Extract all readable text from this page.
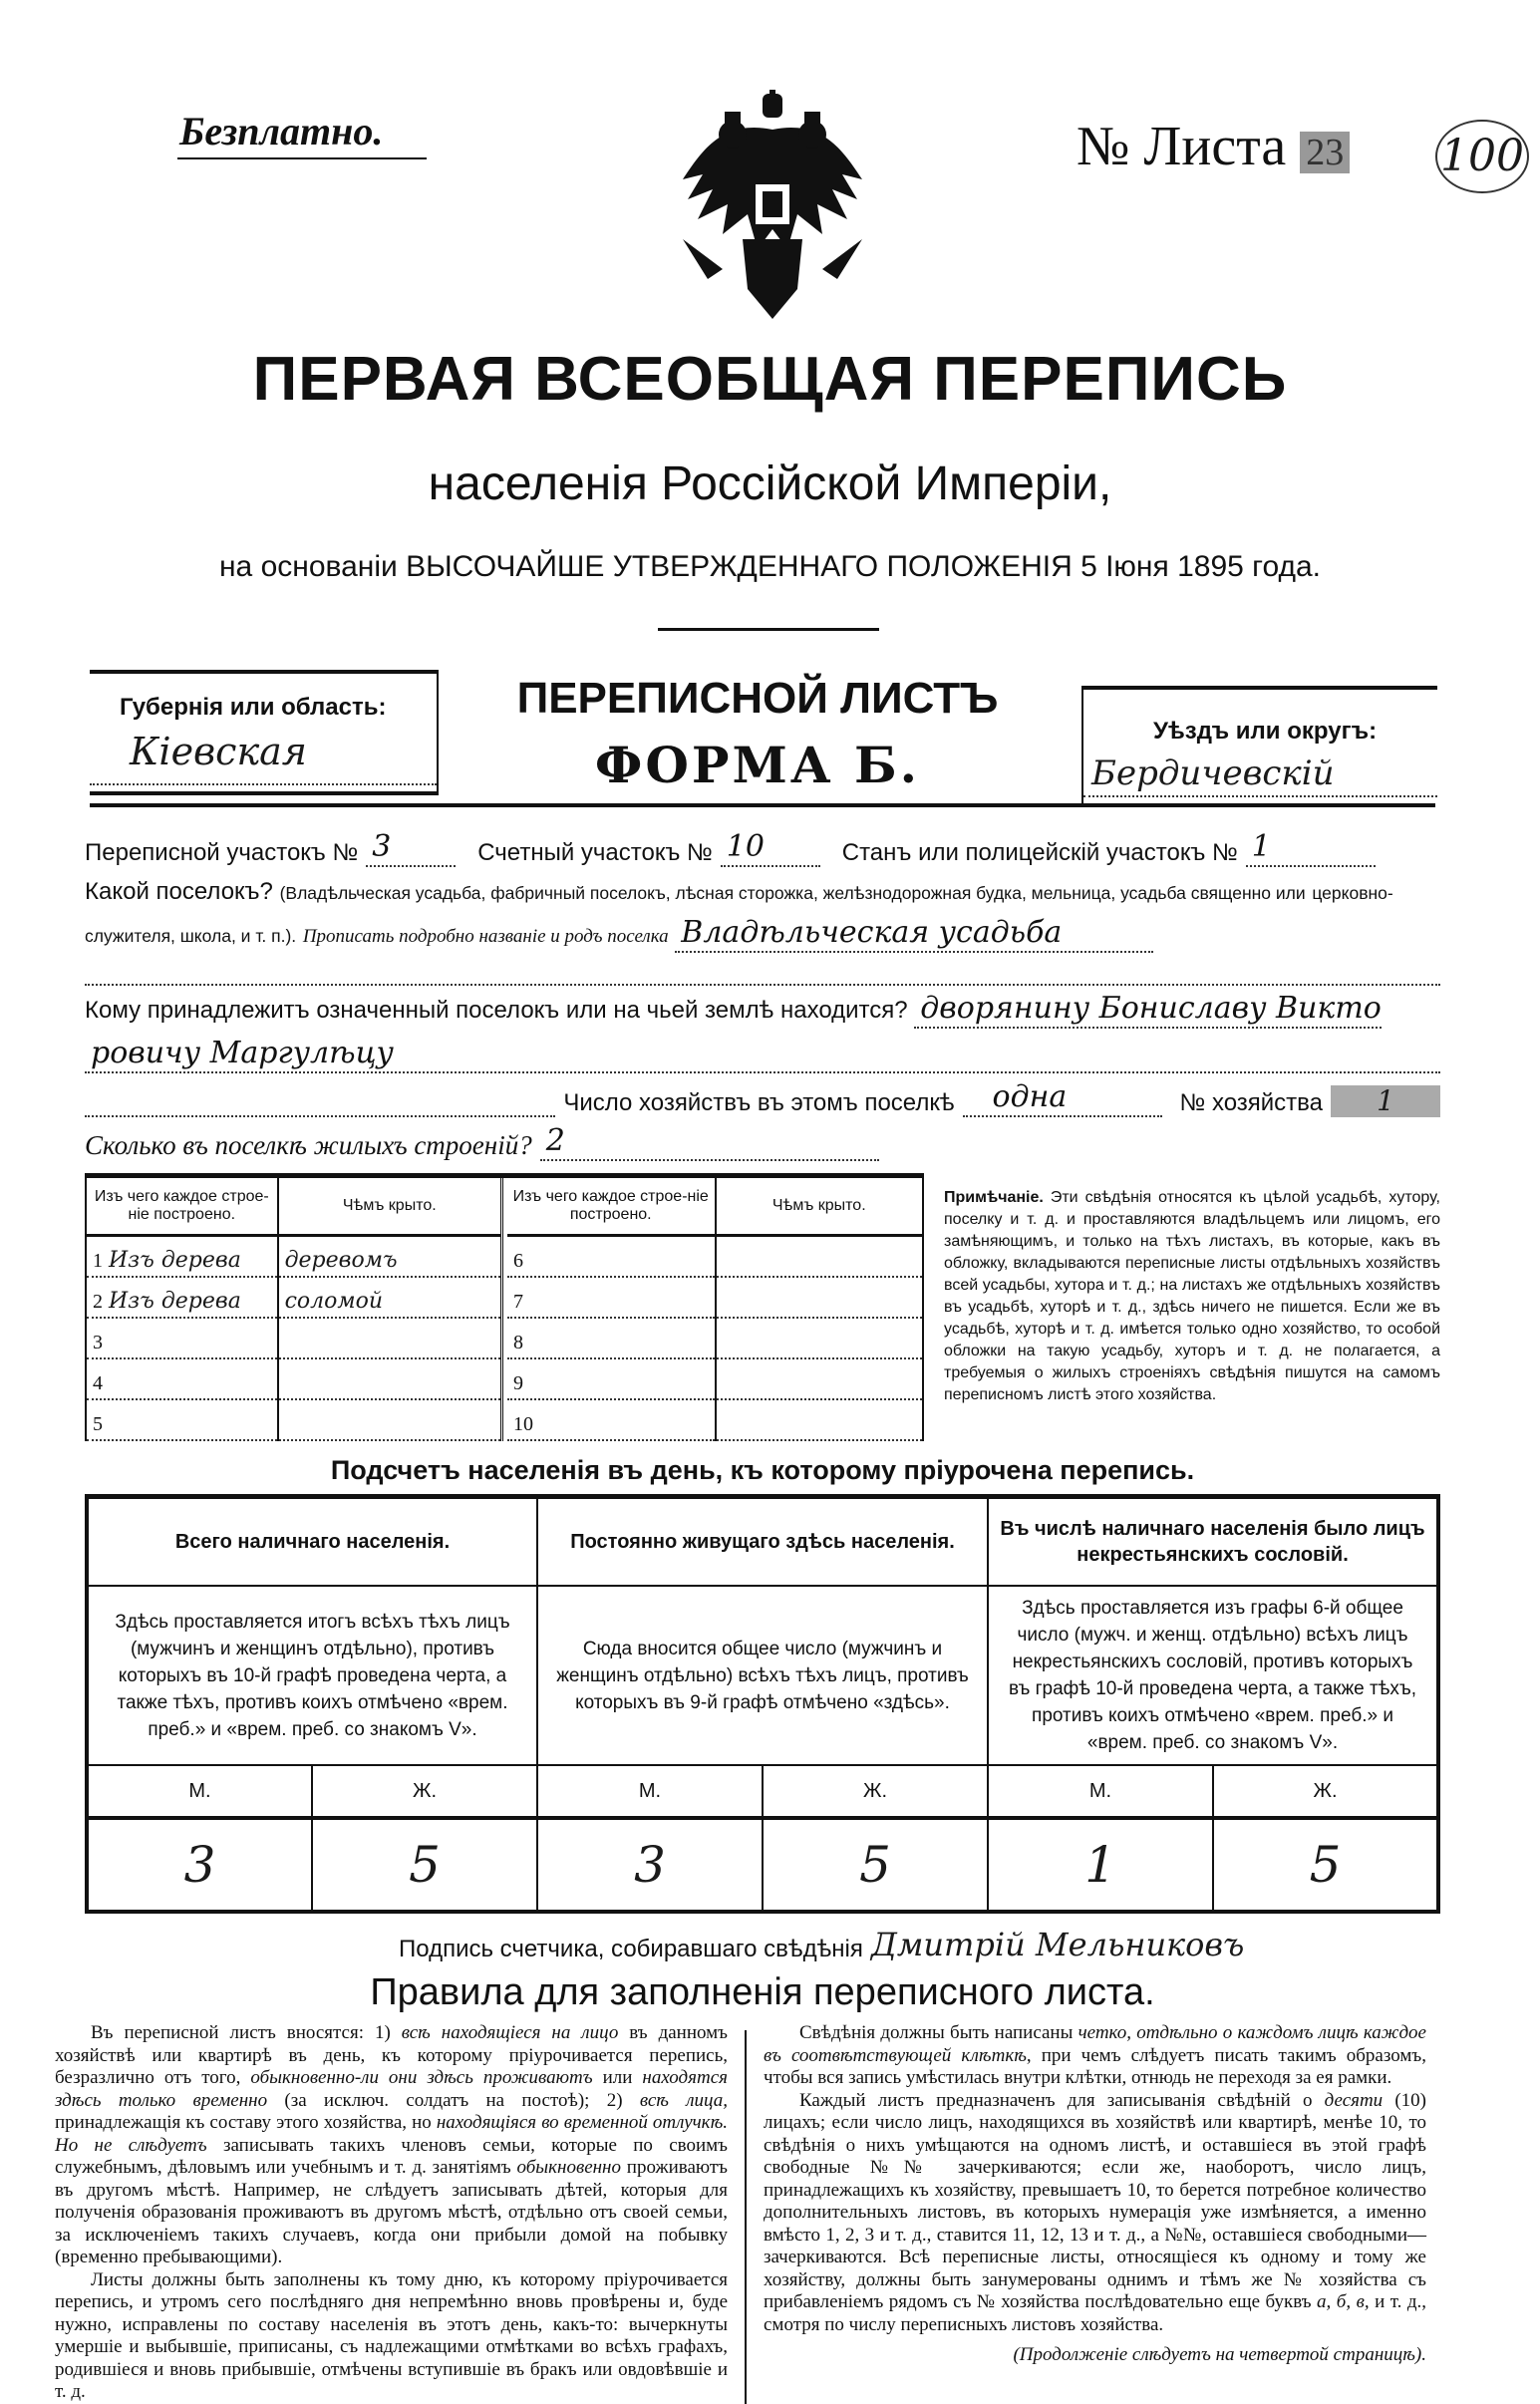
Безплатно.	№ Листа 23 100
ПЕРВАЯ ВСЕОБЩАЯ ПЕРЕПИСЬ
населенія Россійской Имперіи,
на основаніи ВЫСОЧАЙШЕ УТВЕРЖДЕННАГО ПОЛОЖЕНІЯ 5 Іюня 1895 года.
Губернія или область:
Кіевская
ПЕРЕПИСНОЙ ЛИСТЪ
ФОРМА Б.
Уѣздъ или округъ:
Бердичевскій
Переписной участокъ № 3	Счетный участокъ № 10	Станъ или полицейскій участокъ № 1
Какой поселокъ? (Владѣльческая усадьба, фабричный поселокъ, лѣсная сторожка, желѣзнодорожная будка, мельница, усадьба священно или церковно-служителя, школа, и т. п.). Прописать подробно названіе и родъ поселка Владѣльческая усадьба
Кому принадлежитъ означенный поселокъ или на чьей землѣ находится? дворянину Бониславу Викто
ровичу Маргулѣцу
Число хозяйствъ въ этомъ поселкѣ	одна	№ хозяйства	1
Сколько въ поселкѣ жилыхъ строеній? 2
Изъ чего каждое строе-ніе построено.	Чѣмъ крыто.
1 Изъ дерева	деревомъ
2 Изъ дерева	соломой
3	
4	
5	
Изъ чего каждое строе-ніе построено.	Чѣмъ крыто.
6	
7	
8	
9	
10	
Примѣчаніе. Эти свѣдѣнія относятся къ цѣлой усадьбѣ, хутору, поселку и т. д. и проставляются владѣльцемъ или лицомъ, его замѣняющимъ, и только на тѣхъ листахъ, въ которые, какъ въ обложку, вкладываются переписные листы отдѣльныхъ хозяйствъ всей усадьбы, хутора и т. д.; на листахъ же отдѣльныхъ хозяйствъ въ усадьбѣ, хуторѣ и т. д., здѣсь ничего не пишется. Если же въ усадьбѣ, хуторѣ и т. д. имѣется только одно хозяйство, то особой обложки на такую усадьбу, хуторъ и т. д. не полагается, а требуемыя о жилыхъ строеніяхъ свѣдѣнія пишутся на самомъ переписномъ листѣ этого хозяйства.
Подсчетъ населенія въ день, къ которому пріурочена перепись.
Всего наличнаго населенія.		Постоянно живущаго здѣсь населенія.		Въ числѣ наличнаго населенія было лицъ некрестьянскихъ сословій.	
Здѣсь проставляется итогъ всѣхъ тѣхъ лицъ (мужчинъ и женщинъ отдѣльно), противъ которыхъ въ 10-й графѣ проведена черта, а также тѣхъ, противъ коихъ отмѣчено «врем. преб.» и «врем. преб. со знакомъ V».		Сюда вносится общее число (мужчинъ и женщинъ отдѣльно) всѣхъ тѣхъ лицъ, противъ которыхъ въ 9-й графѣ отмѣчено «здѣсь».		Здѣсь проставляется изъ графы 6-й общее число (мужч. и женщ. отдѣльно) всѣхъ лицъ некрестьянскихъ сословій, противъ которыхъ въ графѣ 10-й проведена черта, а также тѣхъ, противъ коихъ отмѣчено «врем. преб.» и «врем. преб. со знакомъ V».	
М.	Ж.	М.	Ж.	М.	Ж.
3	5	3	5	1	5
Подпись счетчика, собиравшаго свѣдѣнія Дмитрій Мельниковъ
Правила для заполненія переписного листа.

Въ переписной листъ вносятся: 1) всѣ находящіеся на лицо въ данномъ хозяйствѣ или квартирѣ въ день, къ которому пріурочивается перепись, безразлично отъ того, обыкновенно-ли они здѣсь проживаютъ или находятся здѣсь только временно (за исключ. солдатъ на постоѣ); 2) всѣ лица, принадлежащія къ составу этого хозяйства, но находящіяся во временной отлучкѣ. Но не слѣдуетъ записывать такихъ членовъ семьи, которые по своимъ служебнымъ, дѣловымъ или учебнымъ и т. д. занятіямъ обыкновенно проживаютъ въ другомъ мѣстѣ. Например, не слѣдуетъ записывать дѣтей, которыя для полученія образованія проживаютъ въ другомъ мѣстѣ, отдѣльно отъ своей семьи, за исключеніемъ такихъ случаевъ, когда они прибыли домой на побывку (временно пребывающими).

Листы должны быть заполнены къ тому дню, къ которому пріурочивается перепись, и утромъ сего послѣдняго дня непремѣнно вновь провѣрены и, буде нужно, исправлены по составу населенія въ этотъ день, какъ-то: вычеркнуты умершіе и выбывшіе, приписаны, съ надлежащими отмѣтками во всѣхъ графахъ, родившіеся и вновь прибывшіе, отмѣчены вступившіе въ бракъ или овдовѣвшіе и т. д.

Свѣдѣнія должны быть написаны четко, отдѣльно о каждомъ лицѣ каждое въ соотвѣтствующей клѣткѣ, при чемъ слѣдуетъ писать такимъ образомъ, чтобы вся запись умѣстилась внутри клѣтки, отнюдь не переходя за ея рамки.

Каждый листъ предназначенъ для записыванія свѣдѣній о десяти (10) лицахъ; если число лицъ, находящихся въ хозяйствѣ или квартирѣ, менѣе 10, то свѣдѣнія о нихъ умѣщаются на одномъ листѣ, и оставшіеся въ этой графѣ свободные №№ зачеркиваются; если же, наоборотъ, число лицъ, принадлежащихъ къ хозяйству, превышаетъ 10, то берется потребное количество дополнительныхъ листовъ, въ которыхъ нумерація уже измѣняется, а именно вмѣсто 1, 2, 3 и т. д., ставится 11, 12, 13 и т. д., а №№, оставшіеся свободными—зачеркиваются. Всѣ переписные листы, относящіеся къ одному и тому же хозяйству, должны быть занумерованы однимъ и тѣмъ же № хозяйства съ прибавленіемъ рядомъ съ № хозяйства послѣдовательно еще буквъ а, б, в, и т. д., смотря по числу переписныхъ листовъ хозяйства.

(Продолженіе слѣдуетъ на четвертой страницѣ).
